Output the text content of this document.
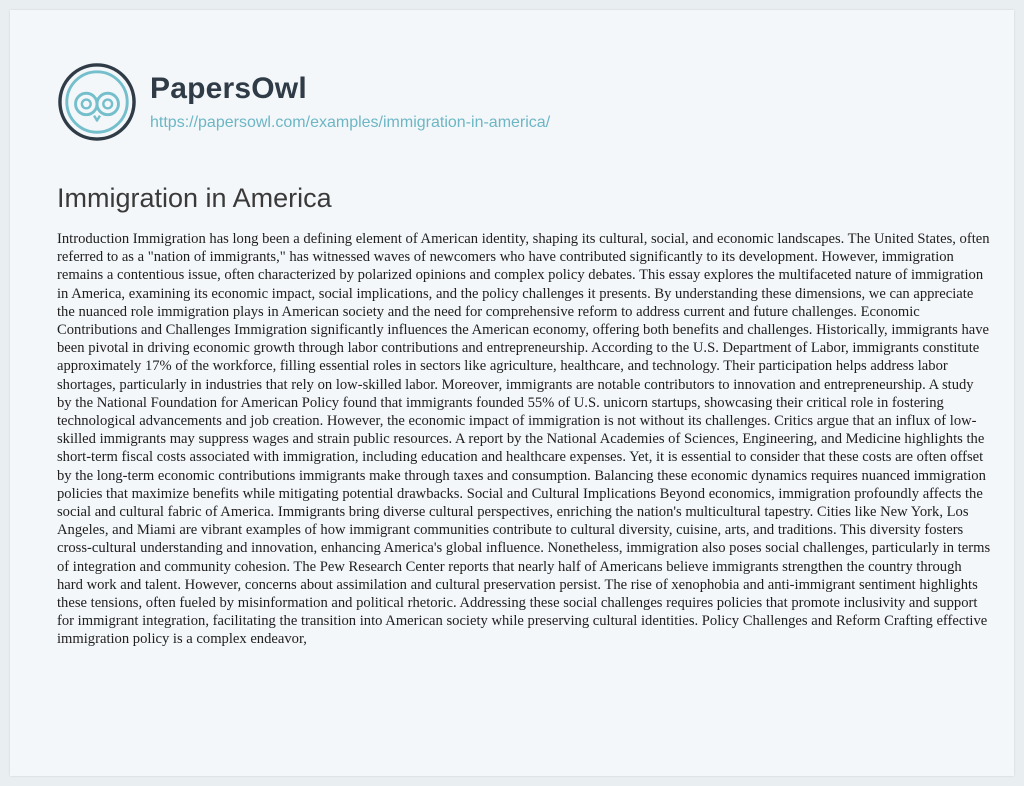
PapersOwl
https://papersowl.com/examples/immigration-in-america/
Immigration in America

Introduction Immigration has long been a defining element of American identity, shaping its cultural, social, and economic landscapes. The United States, often referred to as a "nation of immigrants," has witnessed waves of newcomers who have contributed significantly to its development. However, immigration remains a contentious issue, often characterized by polarized opinions and complex policy debates. This essay explores the multifaceted nature of immigration in America, examining its economic impact, social implications, and the policy challenges it presents. By understanding these dimensions, we can appreciate the nuanced role immigration plays in American society and the need for comprehensive reform to address current and future challenges. Economic Contributions and Challenges Immigration significantly influences the American economy, offering both benefits and challenges. Historically, immigrants have been pivotal in driving economic growth through labor contributions and entrepreneurship. According to the U.S. Department of Labor, immigrants constitute approximately 17% of the workforce, filling essential roles in sectors like agriculture, healthcare, and technology. Their participation helps address labor shortages, particularly in industries that rely on low-skilled labor. Moreover, immigrants are notable contributors to innovation and entrepreneurship. A study by the National Foundation for American Policy found that immigrants founded 55% of U.S. unicorn startups, showcasing their critical role in fostering technological advancements and job creation. However, the economic impact of immigration is not without its challenges. Critics argue that an influx of low-skilled immigrants may suppress wages and strain public resources. A report by the National Academies of Sciences, Engineering, and Medicine highlights the short-term fiscal costs associated with immigration, including education and healthcare expenses. Yet, it is essential to consider that these costs are often offset by the long-term economic contributions immigrants make through taxes and consumption. Balancing these economic dynamics requires nuanced immigration policies that maximize benefits while mitigating potential drawbacks. Social and Cultural Implications Beyond economics, immigration profoundly affects the social and cultural fabric of America. Immigrants bring diverse cultural perspectives, enriching the nation's multicultural tapestry. Cities like New York, Los Angeles, and Miami are vibrant examples of how immigrant communities contribute to cultural diversity, cuisine, arts, and traditions. This diversity fosters cross-cultural understanding and innovation, enhancing America's global influence. Nonetheless, immigration also poses social challenges, particularly in terms of integration and community cohesion. The Pew Research Center reports that nearly half of Americans believe immigrants strengthen the country through hard work and talent. However, concerns about assimilation and cultural preservation persist. The rise of xenophobia and anti-immigrant sentiment highlights these tensions, often fueled by misinformation and political rhetoric. Addressing these social challenges requires policies that promote inclusivity and support for immigrant integration, facilitating the transition into American society while preserving cultural identities. Policy Challenges and Reform Crafting effective immigration policy is a complex endeavor,
